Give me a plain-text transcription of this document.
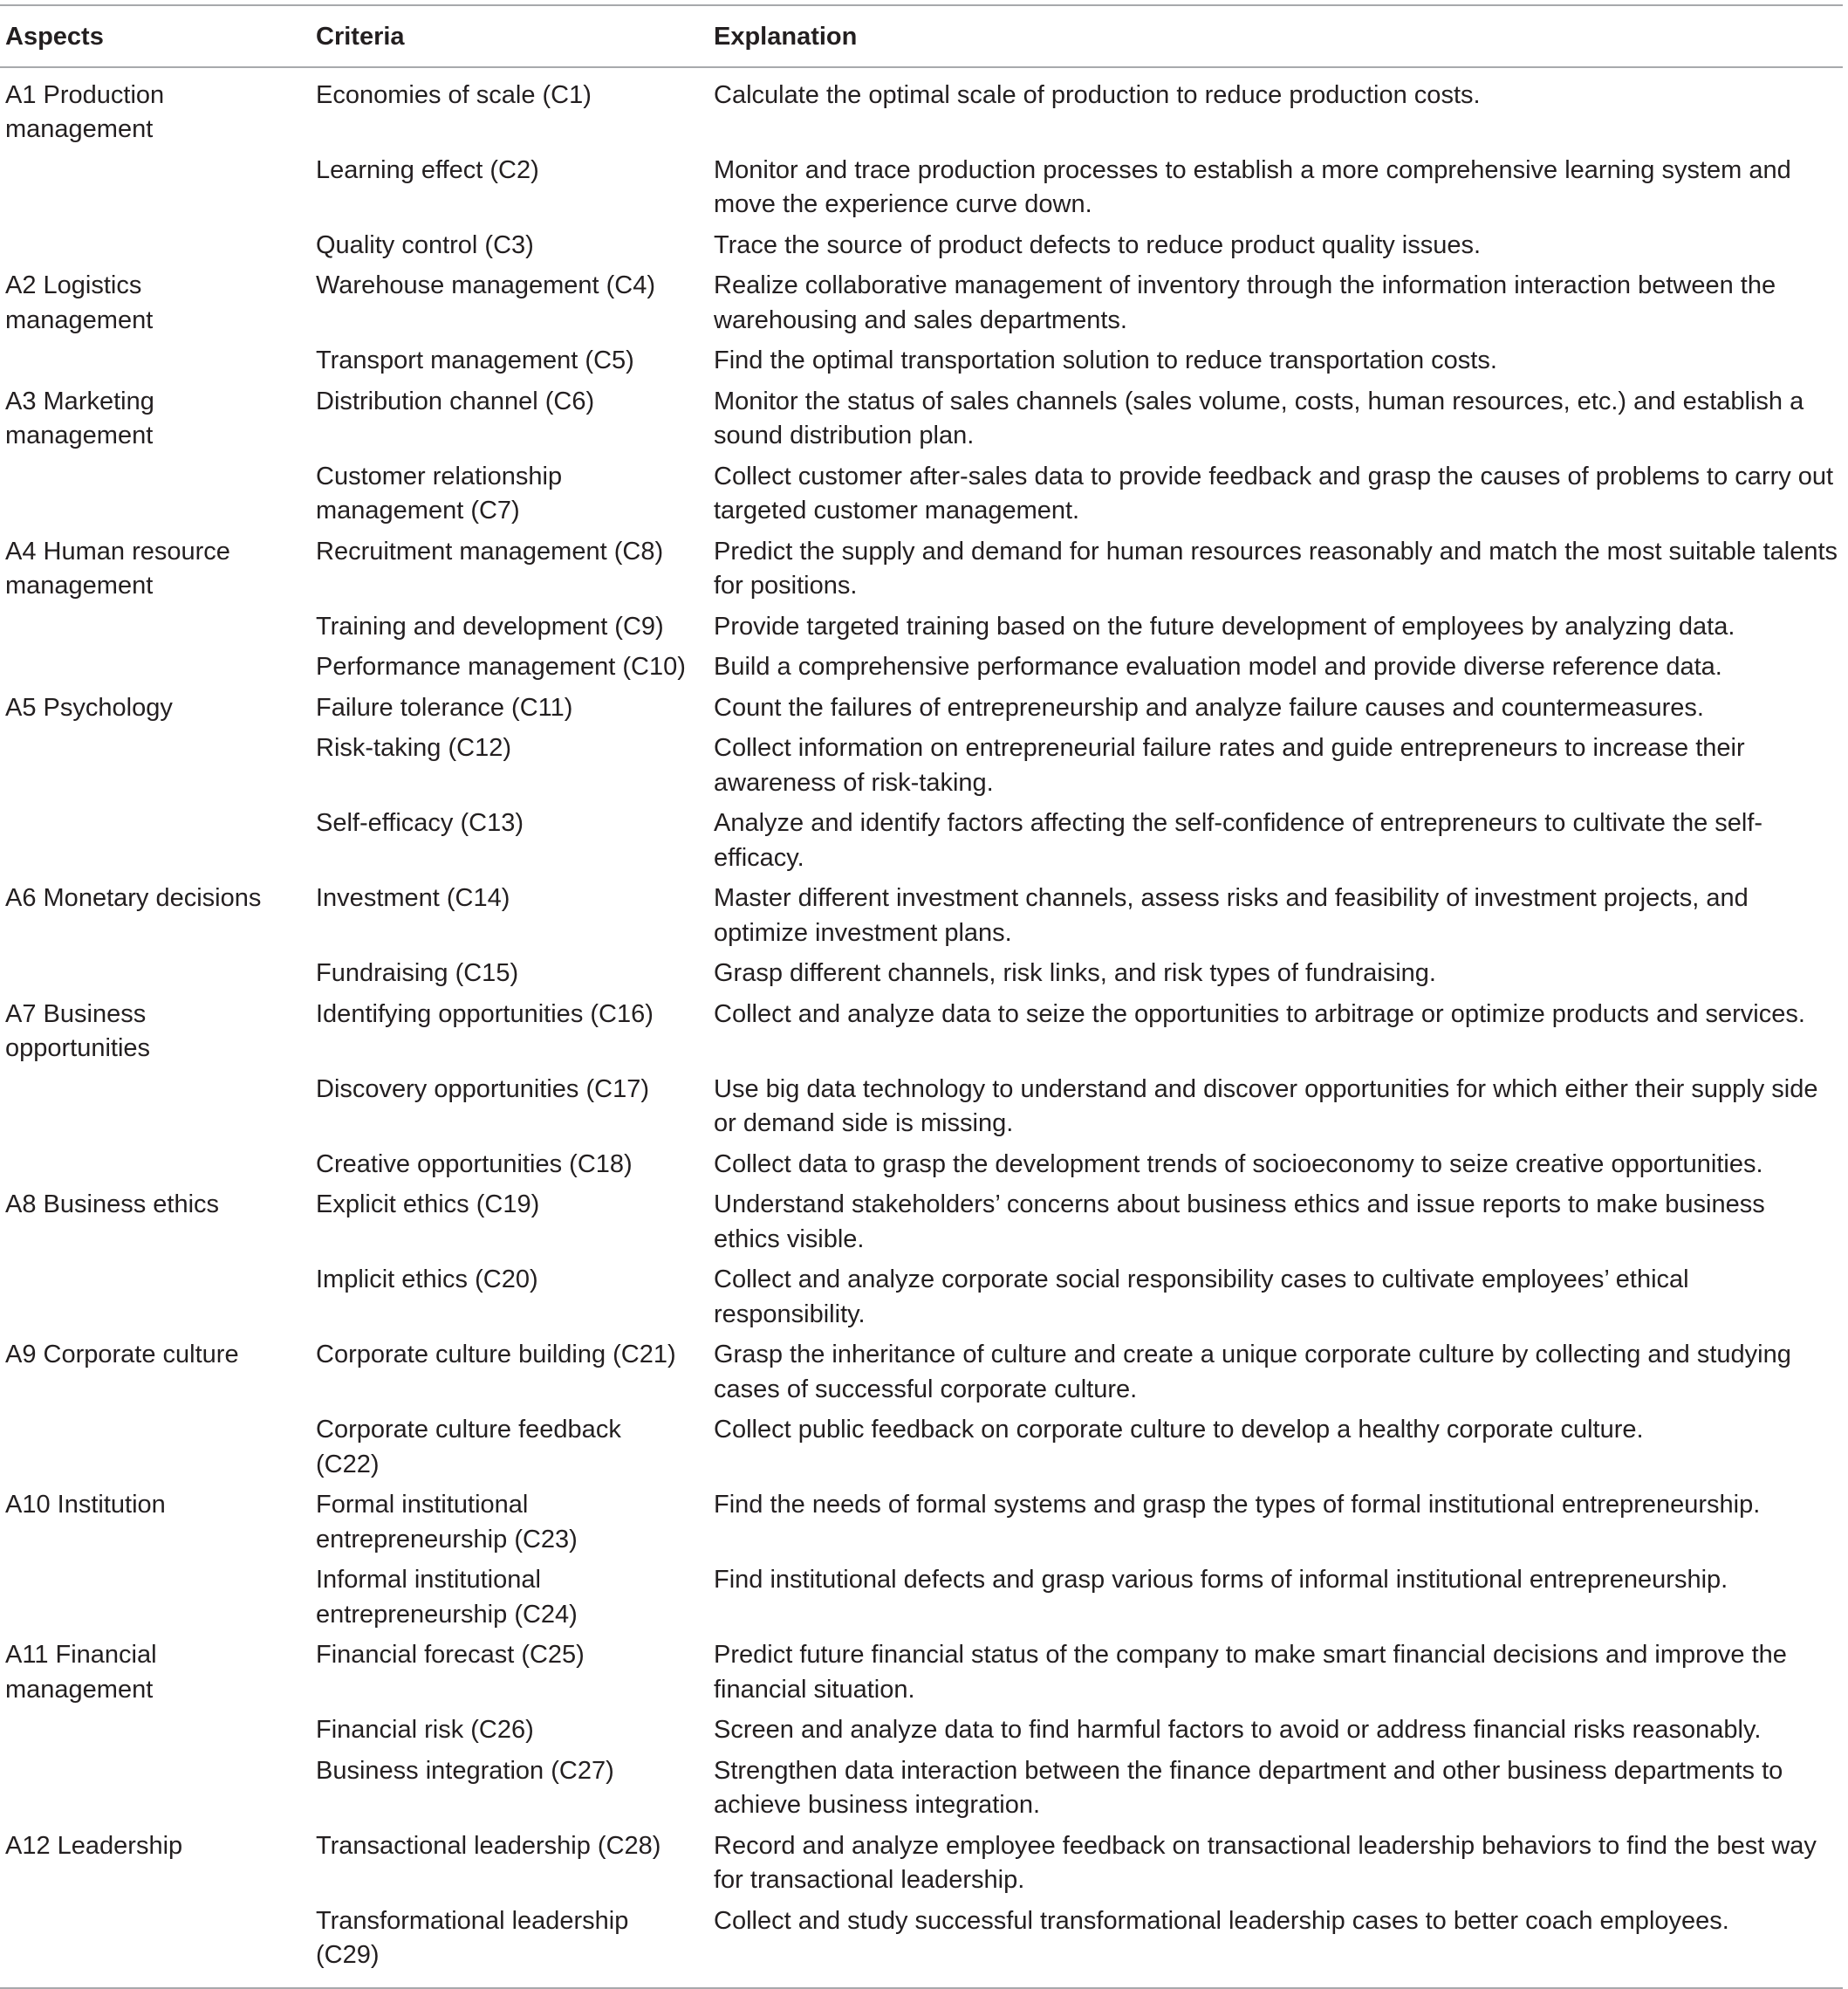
Aspects	Criteria	Explanation
A1 Production management	Economies of scale (C1)	Calculate the optimal scale of production to reduce production costs.
	Learning effect (C2)	Monitor and trace production processes to establish a more comprehensive learning system and move the experience curve down.
	Quality control (C3)	Trace the source of product defects to reduce product quality issues.
A2 Logistics management	Warehouse management (C4)	Realize collaborative management of inventory through the information interaction between the warehousing and sales departments.
	Transport management (C5)	Find the optimal transportation solution to reduce transportation costs.
A3 Marketing management	Distribution channel (C6)	Monitor the status of sales channels (sales volume, costs, human resources, etc.) and establish a sound distribution plan.
	Customer relationship management (C7)	Collect customer after-sales data to provide feedback and grasp the causes of problems to carry out targeted customer management.
A4 Human resource management	Recruitment management (C8)	Predict the supply and demand for human resources reasonably and match the most suitable talents for positions.
	Training and development (C9)	Provide targeted training based on the future development of employees by analyzing data.
	Performance management (C10)	Build a comprehensive performance evaluation model and provide diverse reference data.
A5 Psychology	Failure tolerance (C11)	Count the failures of entrepreneurship and analyze failure causes and countermeasures.
	Risk-taking (C12)	Collect information on entrepreneurial failure rates and guide entrepreneurs to increase their awareness of risk-taking.
	Self-efficacy (C13)	Analyze and identify factors affecting the self-confidence of entrepreneurs to cultivate the self-efficacy.
A6 Monetary decisions	Investment (C14)	Master different investment channels, assess risks and feasibility of investment projects, and optimize investment plans.
	Fundraising (C15)	Grasp different channels, risk links, and risk types of fundraising.
A7 Business opportunities	Identifying opportunities (C16)	Collect and analyze data to seize the opportunities to arbitrage or optimize products and services.
	Discovery opportunities (C17)	Use big data technology to understand and discover opportunities for which either their supply side or demand side is missing.
	Creative opportunities (C18)	Collect data to grasp the development trends of socioeconomy to seize creative opportunities.
A8 Business ethics	Explicit ethics (C19)	Understand stakeholders’ concerns about business ethics and issue reports to make business ethics visible.
	Implicit ethics (C20)	Collect and analyze corporate social responsibility cases to cultivate employees’ ethical responsibility.
A9 Corporate culture	Corporate culture building (C21)	Grasp the inheritance of culture and create a unique corporate culture by collecting and studying cases of successful corporate culture.
	Corporate culture feedback (C22)	Collect public feedback on corporate culture to develop a healthy corporate culture.
A10 Institution	Formal institutional entrepreneurship (C23)	Find the needs of formal systems and grasp the types of formal institutional entrepreneurship.
	Informal institutional entrepreneurship (C24)	Find institutional defects and grasp various forms of informal institutional entrepreneurship.
A11 Financial management	Financial forecast (C25)	Predict future financial status of the company to make smart financial decisions and improve the financial situation.
	Financial risk (C26)	Screen and analyze data to find harmful factors to avoid or address financial risks reasonably.
	Business integration (C27)	Strengthen data interaction between the finance department and other business departments to achieve business integration.
A12 Leadership	Transactional leadership (C28)	Record and analyze employee feedback on transactional leadership behaviors to find the best way for transactional leadership.
	Transformational leadership (C29)	Collect and study successful transformational leadership cases to better coach employees.
